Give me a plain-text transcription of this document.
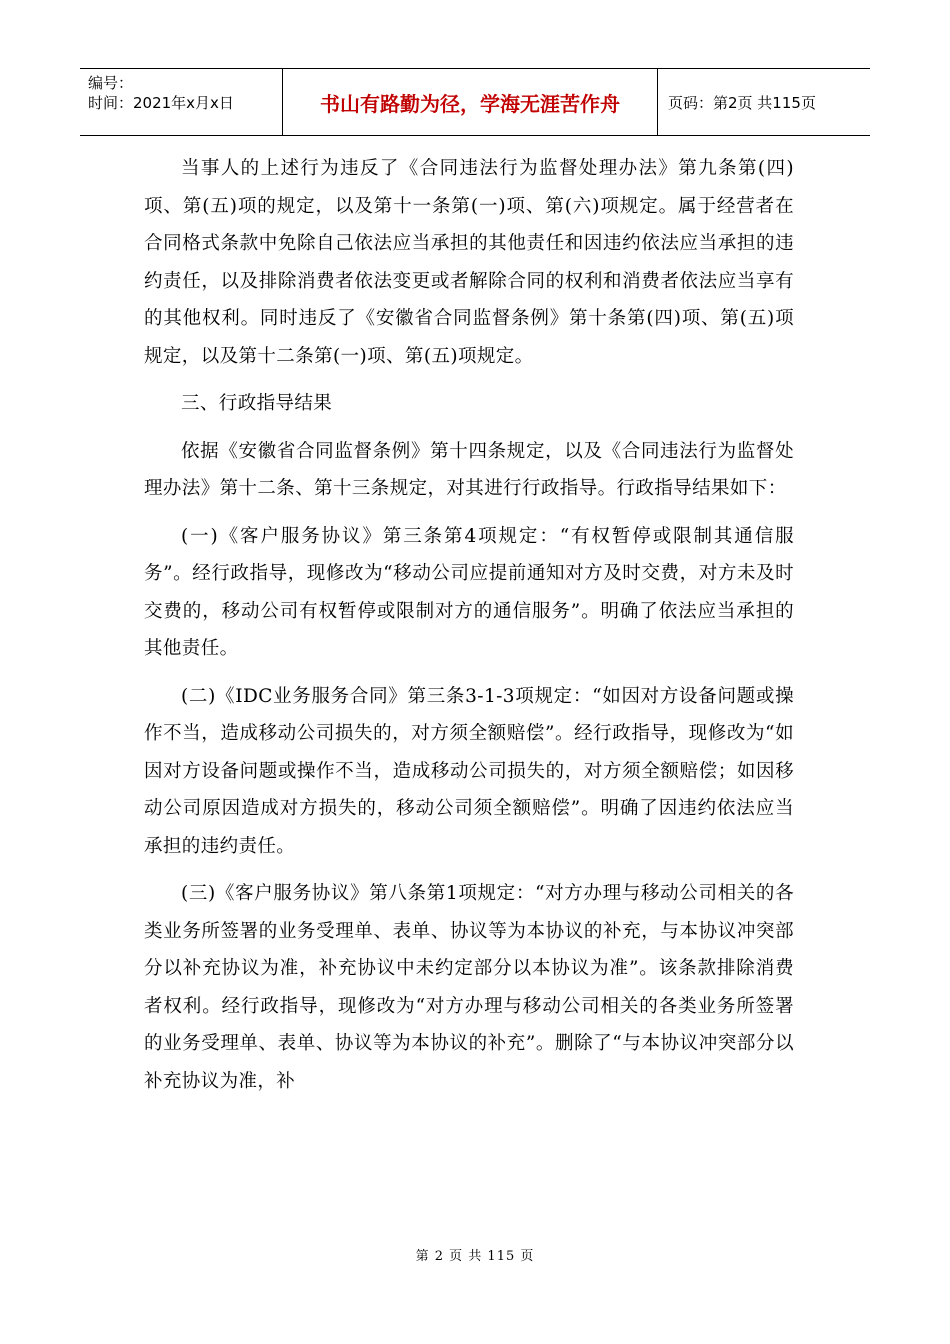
编号：
时间：2021年x月x日	书山有路勤为径，学海无涯苦作舟	页码：第2页 共115页

当事人的上述行为违反了《合同违法行为监督处理办法》第九条第(四)项、第(五)项的规定，以及第十一条第(一)项、第(六)项规定。属于经营者在合同格式条款中免除自己依法应当承担的其他责任和因违约依法应当承担的违约责任，以及排除消费者依法变更或者解除合同的权利和消费者依法应当享有的其他权利。同时违反了《安徽省合同监督条例》第十条第(四)项、第(五)项规定，以及第十二条第(一)项、第(五)项规定。

三、行政指导结果

依据《安徽省合同监督条例》第十四条规定，以及《合同违法行为监督处理办法》第十二条、第十三条规定，对其进行行政指导。行政指导结果如下：

(一)《客户服务协议》第三条第4项规定：“有权暂停或限制其通信服务”。经行政指导，现修改为“移动公司应提前通知对方及时交费，对方未及时交费的，移动公司有权暂停或限制对方的通信服务”。明确了依法应当承担的其他责任。

(二)《IDC业务服务合同》第三条3-1-3项规定：“如因对方设备问题或操作不当，造成移动公司损失的，对方须全额赔偿”。经行政指导，现修改为“如因对方设备问题或操作不当，造成移动公司损失的，对方须全额赔偿；如因移动公司原因造成对方损失的，移动公司须全额赔偿”。明确了因违约依法应当承担的违约责任。

(三)《客户服务协议》第八条第1项规定：“对方办理与移动公司相关的各类业务所签署的业务受理单、表单、协议等为本协议的补充，与本协议冲突部分以补充协议为准，补充协议中未约定部分以本协议为准”。该条款排除消费者权利。经行政指导，现修改为“对方办理与移动公司相关的各类业务所签署的业务受理单、表单、协议等为本协议的补充”。删除了“与本协议冲突部分以补充协议为准，补

第 2 页 共 115 页
